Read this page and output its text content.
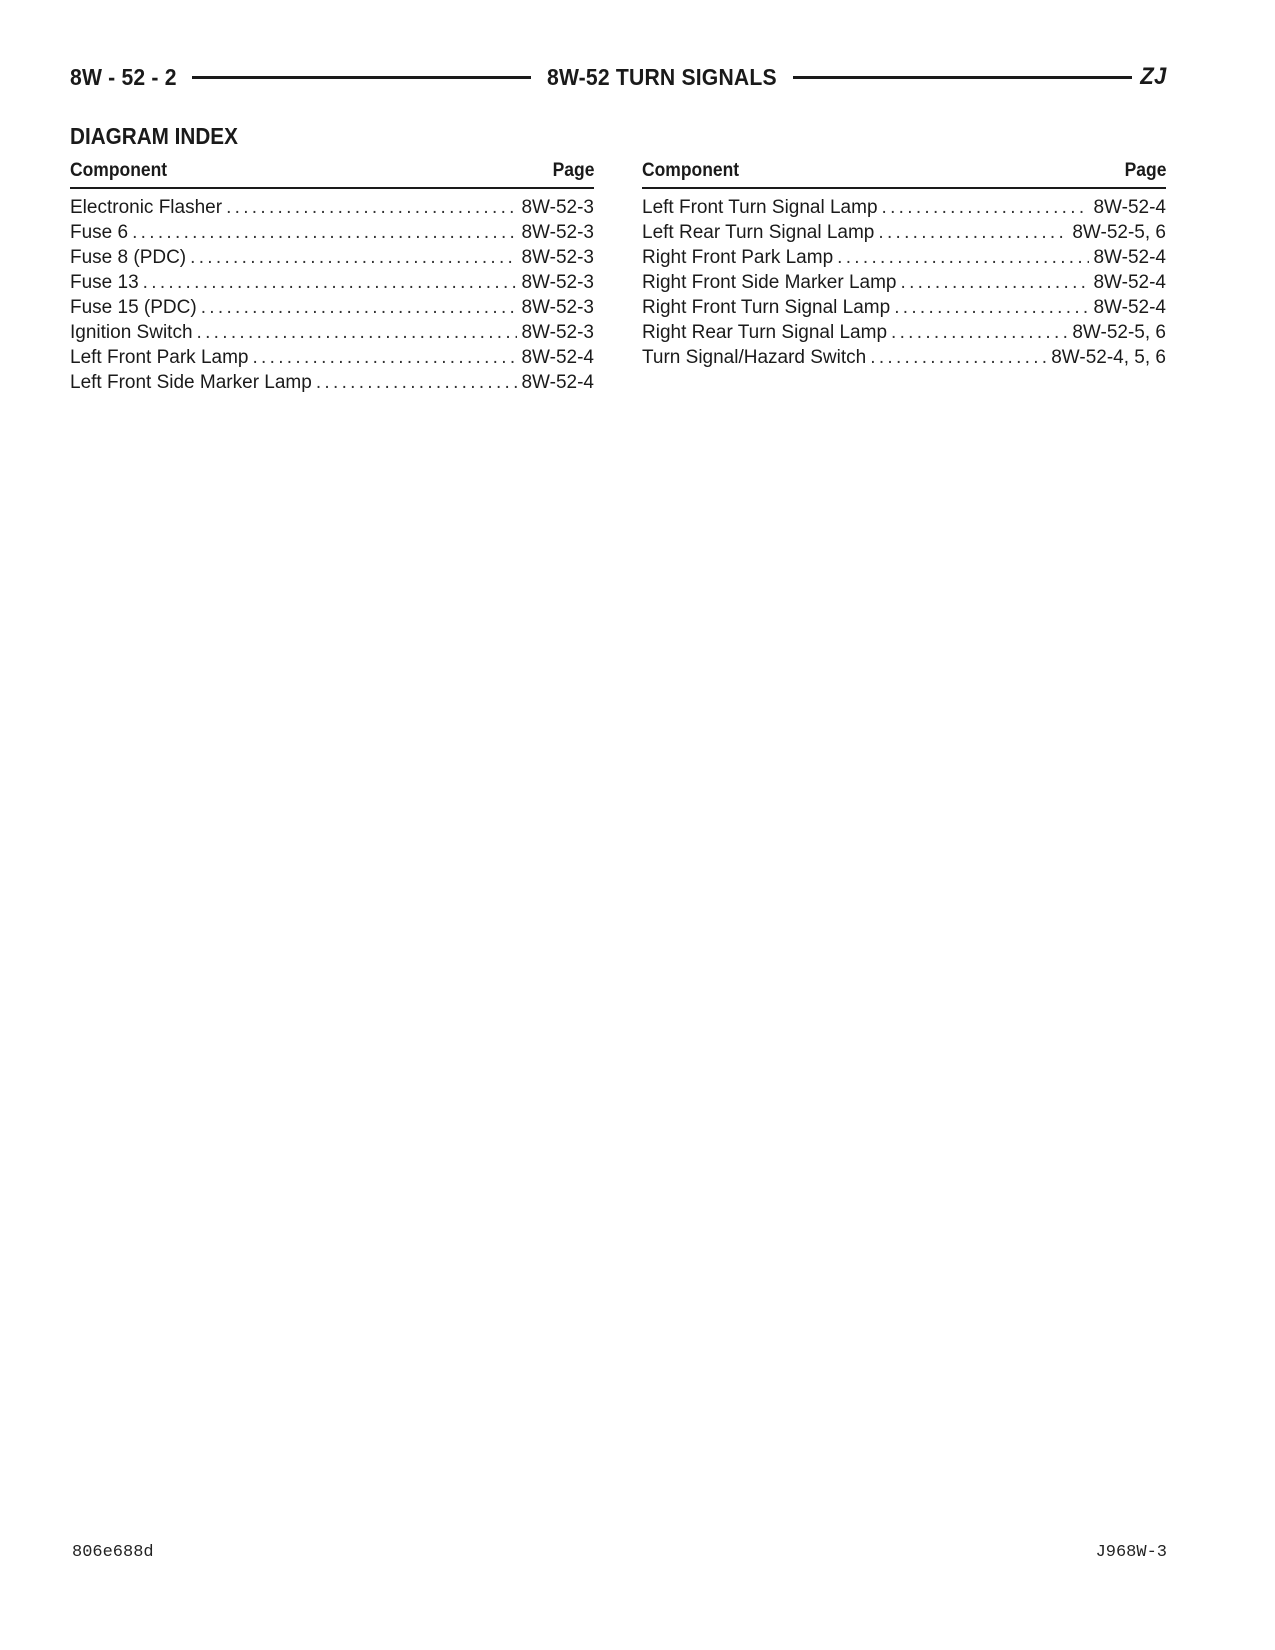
8W - 52 - 2	8W-52 TURN SIGNALS	ZJ
DIAGRAM INDEX
Component	Page
Electronic Flasher .....	8W-52-3
Fuse 6 .....	8W-52-3
Fuse 8 (PDC) .....	8W-52-3
Fuse 13 .....	8W-52-3
Fuse 15 (PDC) .....	8W-52-3
Ignition Switch .....	8W-52-3
Left Front Park Lamp .....	8W-52-4
Left Front Side Marker Lamp .....	8W-52-4
Component	Page
Left Front Turn Signal Lamp .....	8W-52-4
Left Rear Turn Signal Lamp .....	8W-52-5, 6
Right Front Park Lamp .....	8W-52-4
Right Front Side Marker Lamp .....	8W-52-4
Right Front Turn Signal Lamp .....	8W-52-4
Right Rear Turn Signal Lamp .....	8W-52-5, 6
Turn Signal/Hazard Switch .....	8W-52-4, 5, 6
806e688d	J968W-3
